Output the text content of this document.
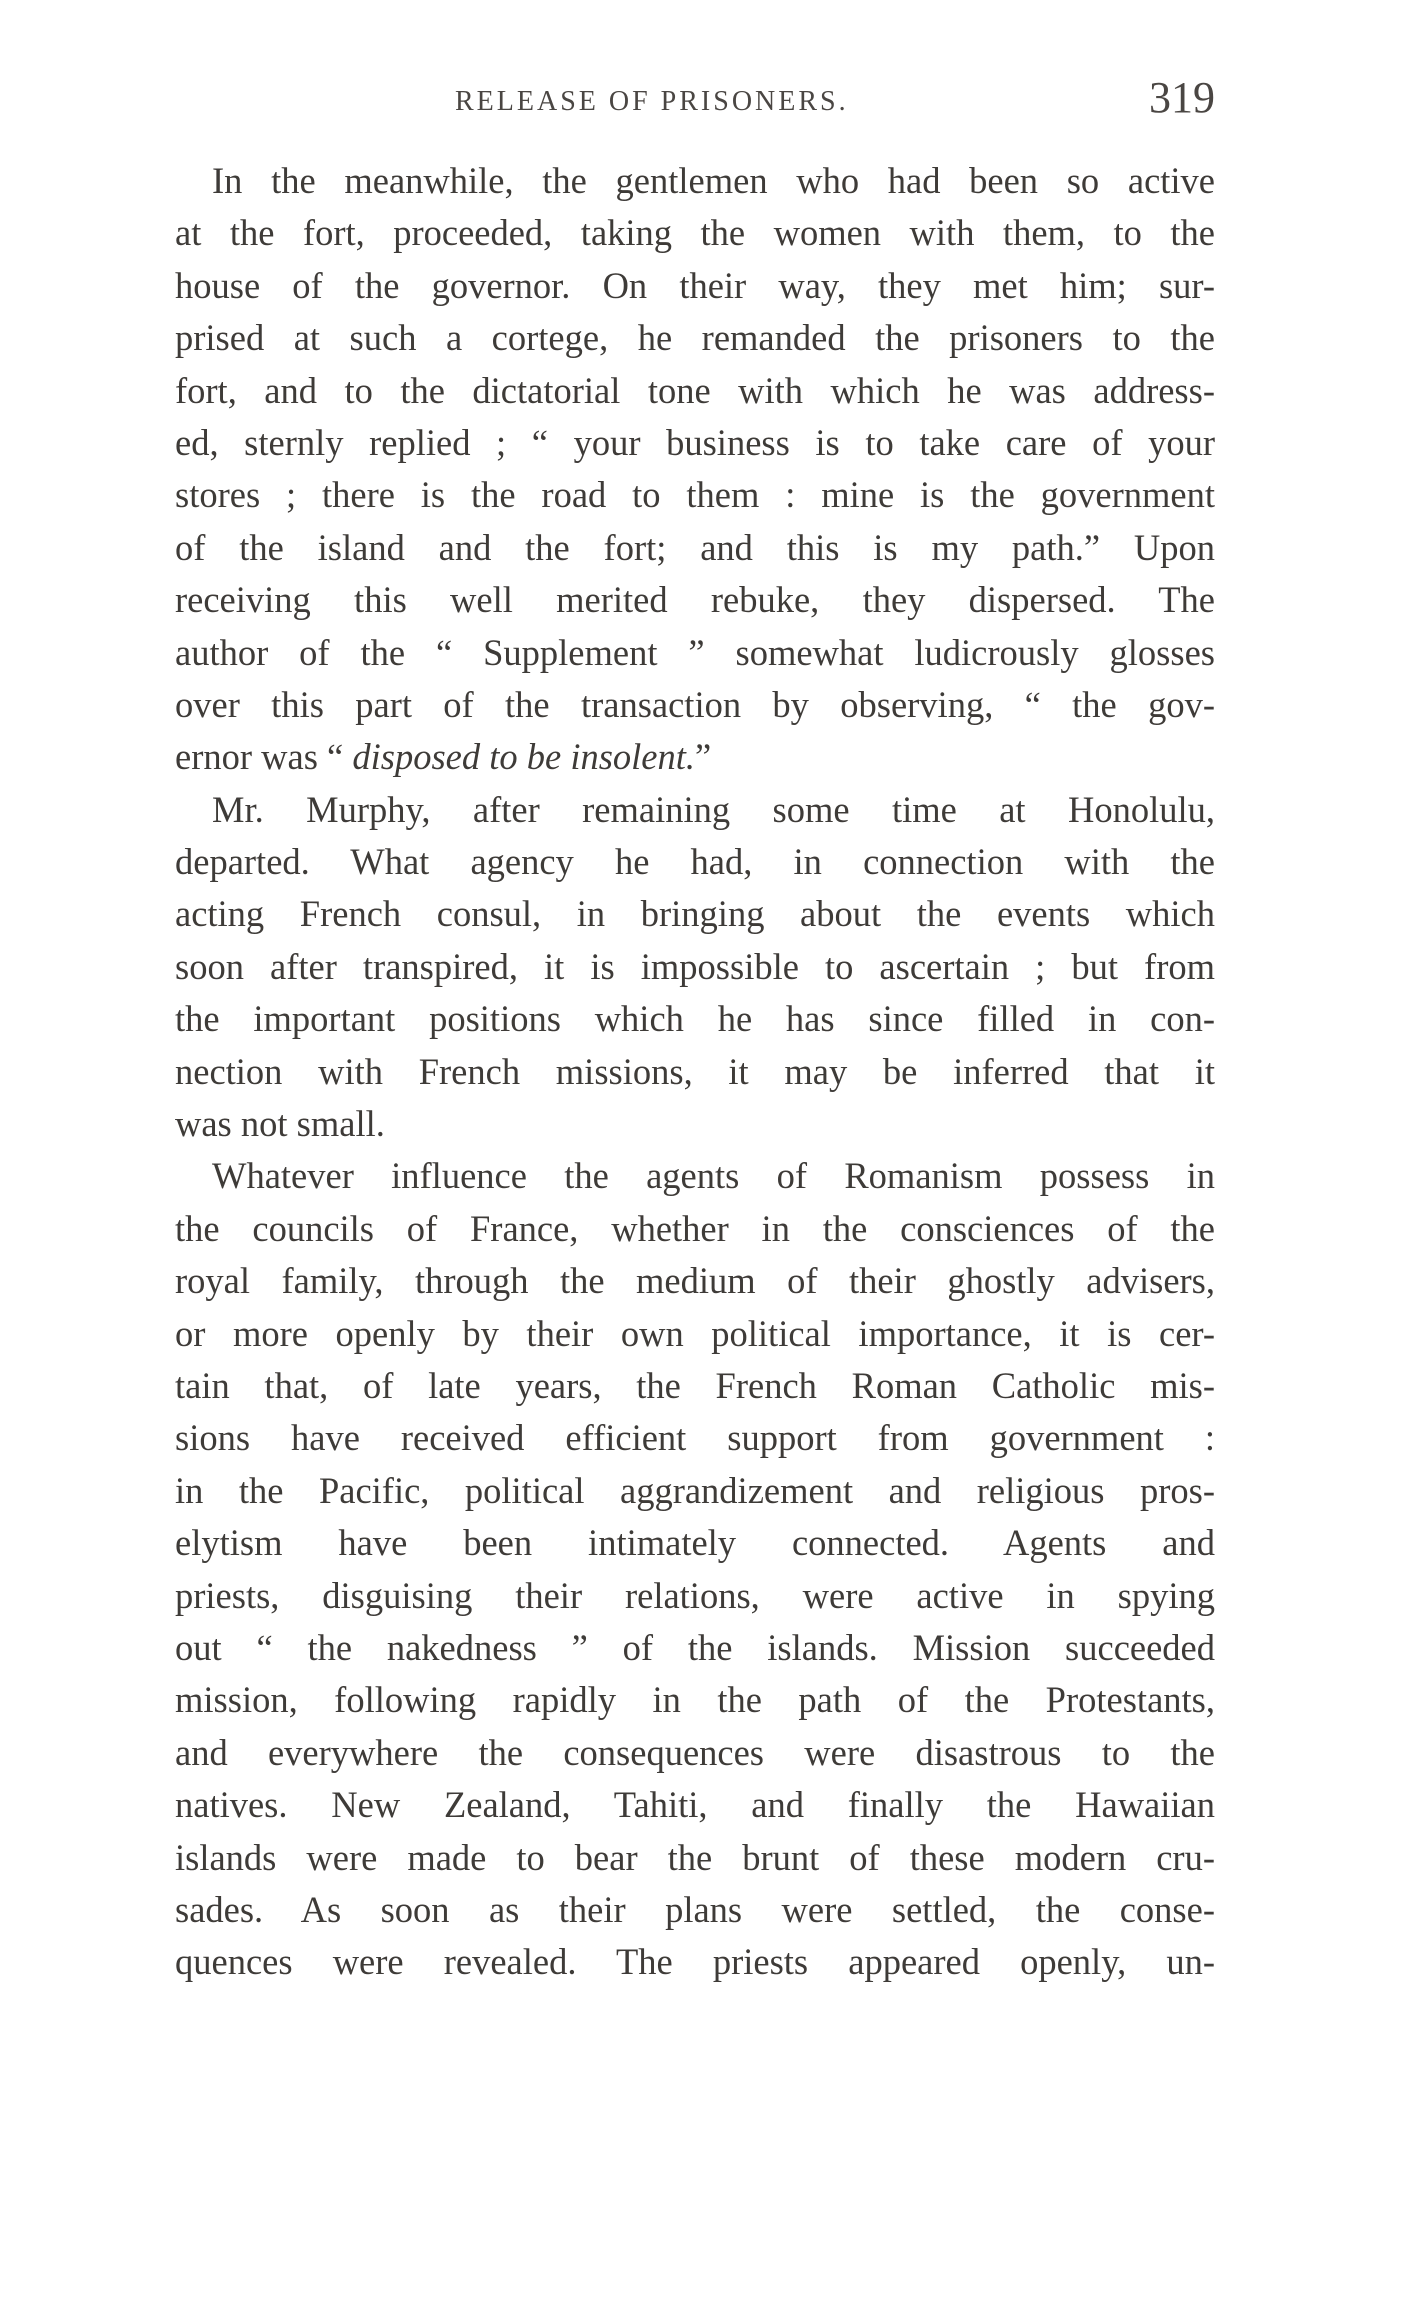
RELEASE OF PRISONERS.	319
In the meanwhile, the gentlemen who had been so active
at the fort, proceeded, taking the women with them, to the
house of the governor. On their way, they met him; sur-
prised at such a cortege, he remanded the prisoners to the
fort, and to the dictatorial tone with which he was address-
ed, sternly replied ; “ your business is to take care of your
stores ; there is the road to them : mine is the government
of the island and the fort; and this is my path.” Upon
receiving this well merited rebuke, they dispersed. The
author of the “ Supplement ” somewhat ludicrously glosses
over this part of the transaction by observing, “ the gov-
ernor was “ disposed to be insolent.”
Mr. Murphy, after remaining some time at Honolulu,
departed. What agency he had, in connection with the
acting French consul, in bringing about the events which
soon after transpired, it is impossible to ascertain ; but from
the important positions which he has since filled in con-
nection with French missions, it may be inferred that it
was not small.
Whatever influence the agents of Romanism possess in
the councils of France, whether in the consciences of the
royal family, through the medium of their ghostly advisers,
or more openly by their own political importance, it is cer-
tain that, of late years, the French Roman Catholic mis-
sions have received efficient support from government :
in the Pacific, political aggrandizement and religious pros-
elytism have been intimately connected. Agents and
priests, disguising their relations, were active in spying
out “ the nakedness ” of the islands. Mission succeeded
mission, following rapidly in the path of the Protestants,
and everywhere the consequences were disastrous to the
natives. New Zealand, Tahiti, and finally the Hawaiian
islands were made to bear the brunt of these modern cru-
sades. As soon as their plans were settled, the conse-
quences were revealed. The priests appeared openly, un-
